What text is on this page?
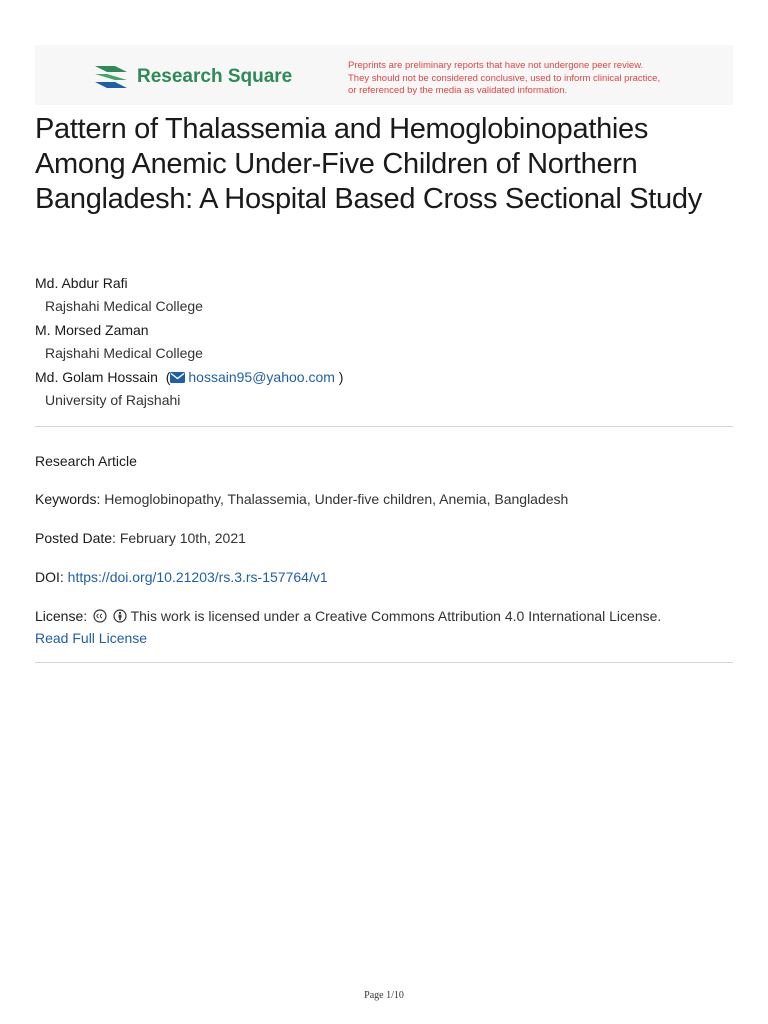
Research Square
Preprints are preliminary reports that have not undergone peer review.
They should not be considered conclusive, used to inform clinical practice,
or referenced by the media as validated information.
Pattern of Thalassemia and Hemoglobinopathies Among Anemic Under-Five Children of Northern Bangladesh: A Hospital Based Cross Sectional Study
Md. Abdur Rafi
Rajshahi Medical College
M. Morsed Zaman
Rajshahi Medical College
Md. Golam Hossain  ( hossain95@yahoo.com )
University of Rajshahi
Research Article
Keywords: Hemoglobinopathy, Thalassemia, Under-five children, Anemia, Bangladesh
Posted Date: February 10th, 2021
DOI: https://doi.org/10.21203/rs.3.rs-157764/v1
License:	This work is licensed under a Creative Commons Attribution 4.0 International License.
Read Full License
Page 1/10
